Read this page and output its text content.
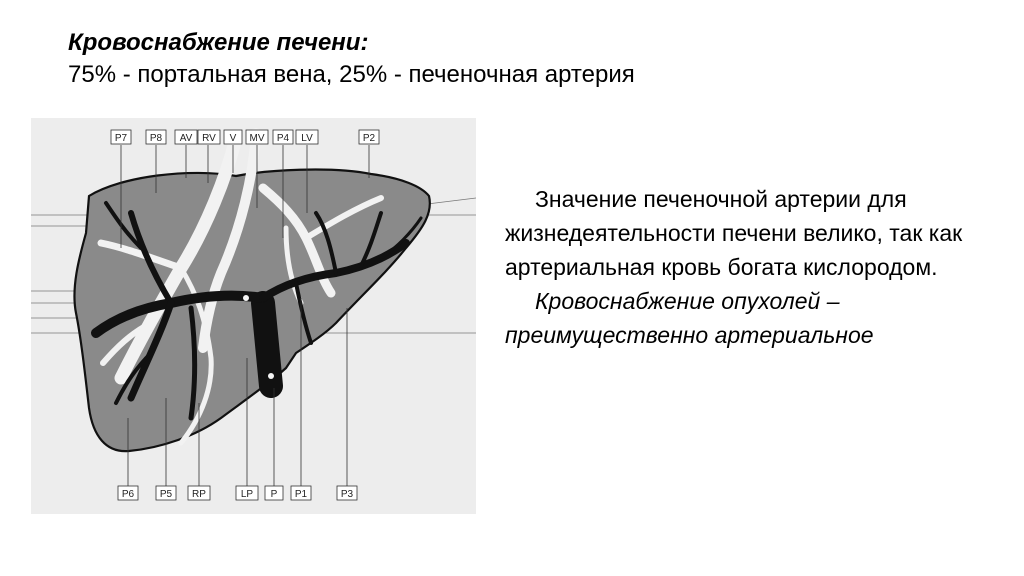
Кровоснабжение печени:
75% - портальная вена, 25% - печеночная артерия
P7 P8 AV RV V MV P4 LV	P2
P6	P5 RP	LP P P1	P3

Значение печеночной артерии для жизнедеятельности печени велико, так как артериальная кровь богата кислородом.

Кровоснабжение опухолей – преимущественно артериальное
